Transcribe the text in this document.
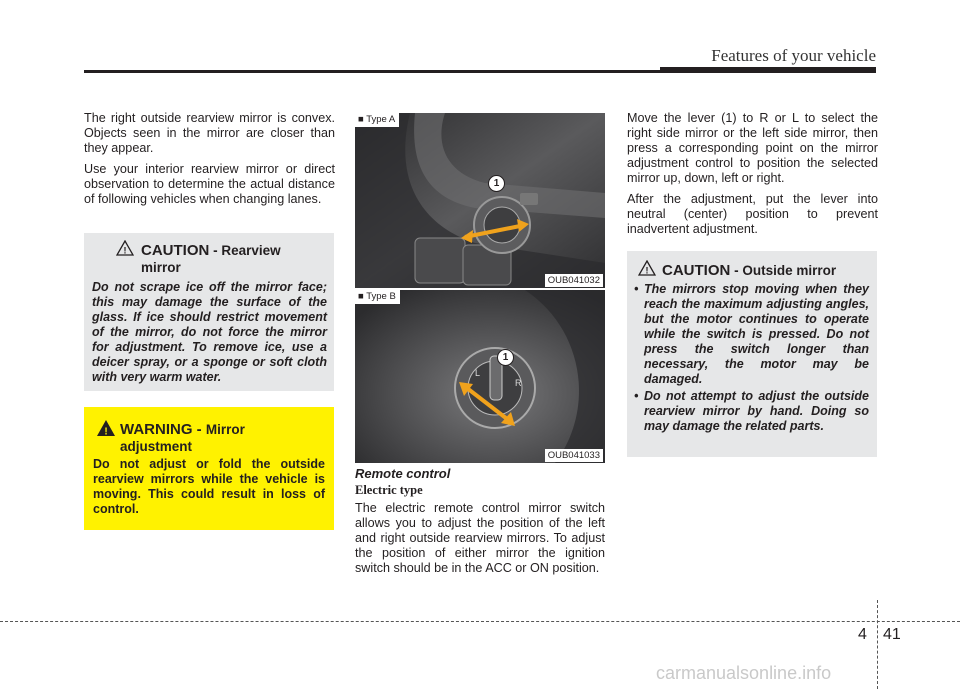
Features of your vehicle

The right outside rearview mirror is convex. Objects seen in the mirror are closer than they appear.

Use your interior rearview mirror or direct observation to determine the actual distance of following vehicles when changing lanes.

! CAUTION - Rearview mirror
Do not scrape ice off the mirror face; this may damage the surface of the glass. If ice should restrict movement of the mirror, do not force the mirror for adjustment. To remove ice, use a deicer spray, or a sponge or soft cloth with very warm water.
! WARNING - Mirror adjustment
Do not adjust or fold the outside rearview mirrors while the vehicle is moving. This could result in loss of control.
1
■ Type A
OUB041032
L
R
1
■ Type B
OUB041033
Remote control
Electric type

The electric remote control mirror switch allows you to adjust the position of the left and right outside rearview mirrors. To adjust the position of either mirror the ignition switch should be in the ACC or ON position.

Move the lever (1) to R or L to select the right side mirror or the left side mirror, then press a corresponding point on the mirror adjustment control to position the selected mirror up, down, left or right.

After the adjustment, put the lever into neutral (center) position to prevent inadvertent adjustment.

! CAUTION - Outside mirror
• The mirrors stop moving when they reach the maximum adjusting angles, but the motor continues to operate while the switch is pressed. Do not press the switch longer than necessary, the motor may be damaged.
• Do not attempt to adjust the outside rearview mirror by hand. Doing so may damage the related parts.
4 41
carmanualsonline.info
